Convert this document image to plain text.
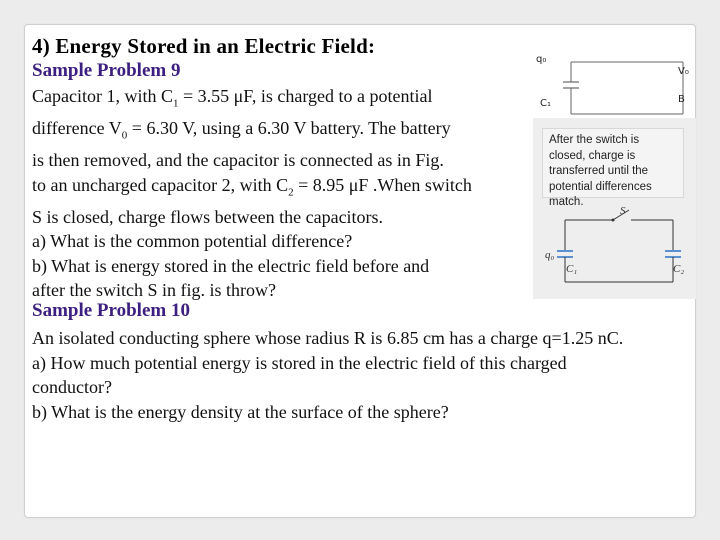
4) Energy Stored in an Electric Field:
Sample Problem 9
Capacitor 1, with $C_1 = 3.55$ μF, is charged to a potential
difference $V_0 = 6.30$ V, using a 6.30 V battery. The battery
is then removed, and the capacitor is connected as in Fig.
to an uncharged capacitor 2, with $C_2 = 8.95$ μF .When switch
S is closed, charge flows between the capacitors.
a) What is the common potential difference?
b) What is energy stored in the electric field before and
after the switch S in fig. is throw?
q₀
V₀
C₁	B
After the switch is closed, charge is transferred until the potential differences match.
S
q₀
C₁	C₂
Sample Problem 10
An isolated conducting sphere whose radius R is 6.85 cm has a charge q=1.25 nC.
a) How much potential energy is stored in the electric field of this charged
conductor?
b) What is the energy density at the surface of the sphere?
